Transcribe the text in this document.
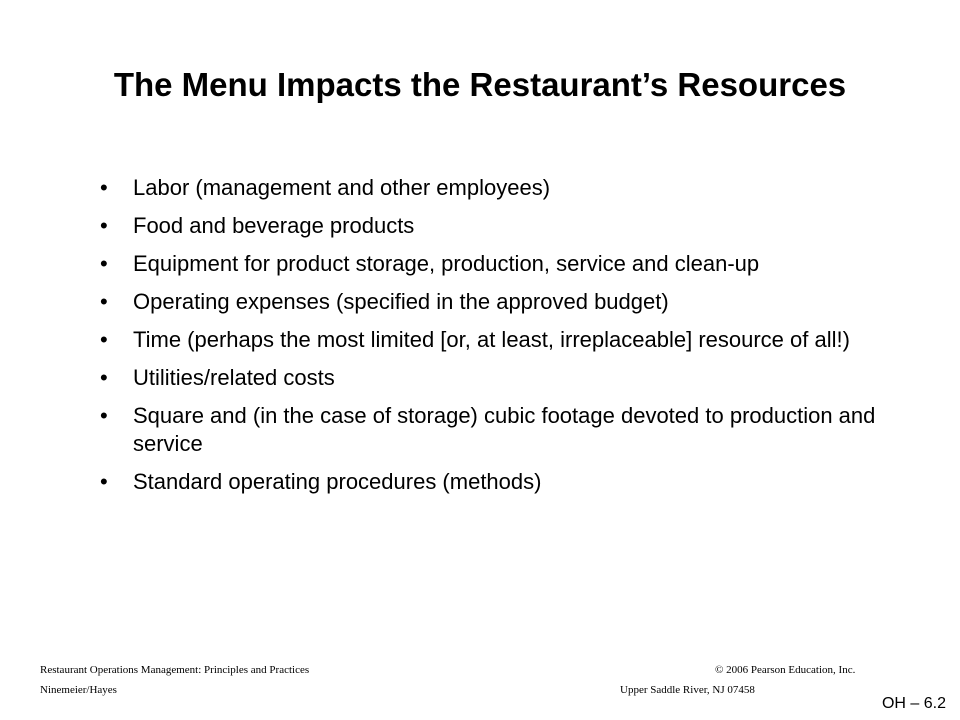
The Menu Impacts the Restaurant’s Resources
• Labor (management and other employees)
• Food and beverage products
• Equipment for product storage, production, service and clean-up
• Operating expenses (specified in the approved budget)
• Time (perhaps the most limited [or, at least, irreplaceable] resource of all!)
• Utilities/related costs
• Square and (in the case of storage) cubic footage devoted to production and service
• Standard operating procedures (methods)
Restaurant Operations Management: Principles and Practices
Ninemeier/Hayes
© 2006 Pearson Education, Inc.
Upper Saddle River, NJ 07458
OH – 6.2
